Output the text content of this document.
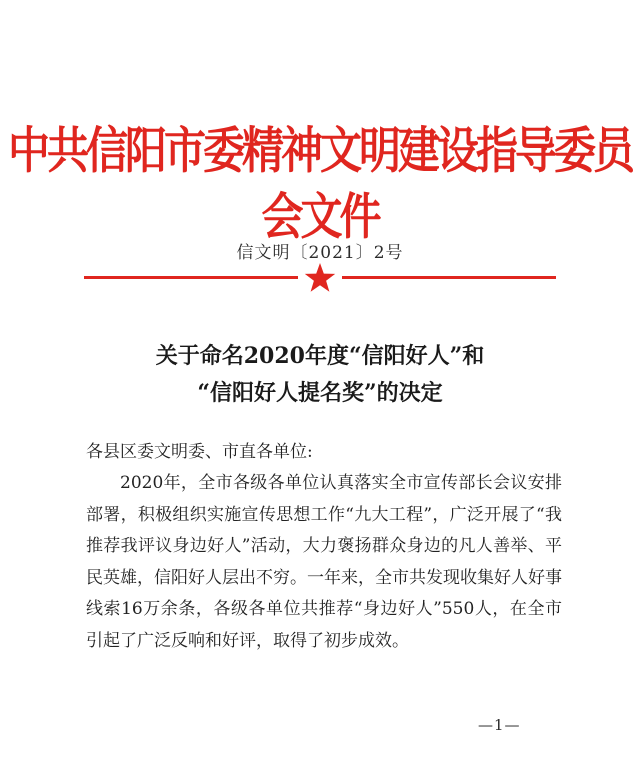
中共信阳市委精神文明建设指导委员会文件
信文明〔2021〕2号
关于命名2020年度“信阳好人”和
“信阳好人提名奖”的决定
各县区委文明委、市直各单位:
2020年，全市各级各单位认真落实全市宣传部长会议安排部署，积极组织实施宣传思想工作“九大工程”，广泛开展了“我推荐我评议身边好人”活动，大力褒扬群众身边的凡人善举、平民英雄，信阳好人层出不穷。一年来，全市共发现收集好人好事线索16万余条，各级各单位共推荐“身边好人”550人，在全市引起了广泛反响和好评，取得了初步成效。
—1—
